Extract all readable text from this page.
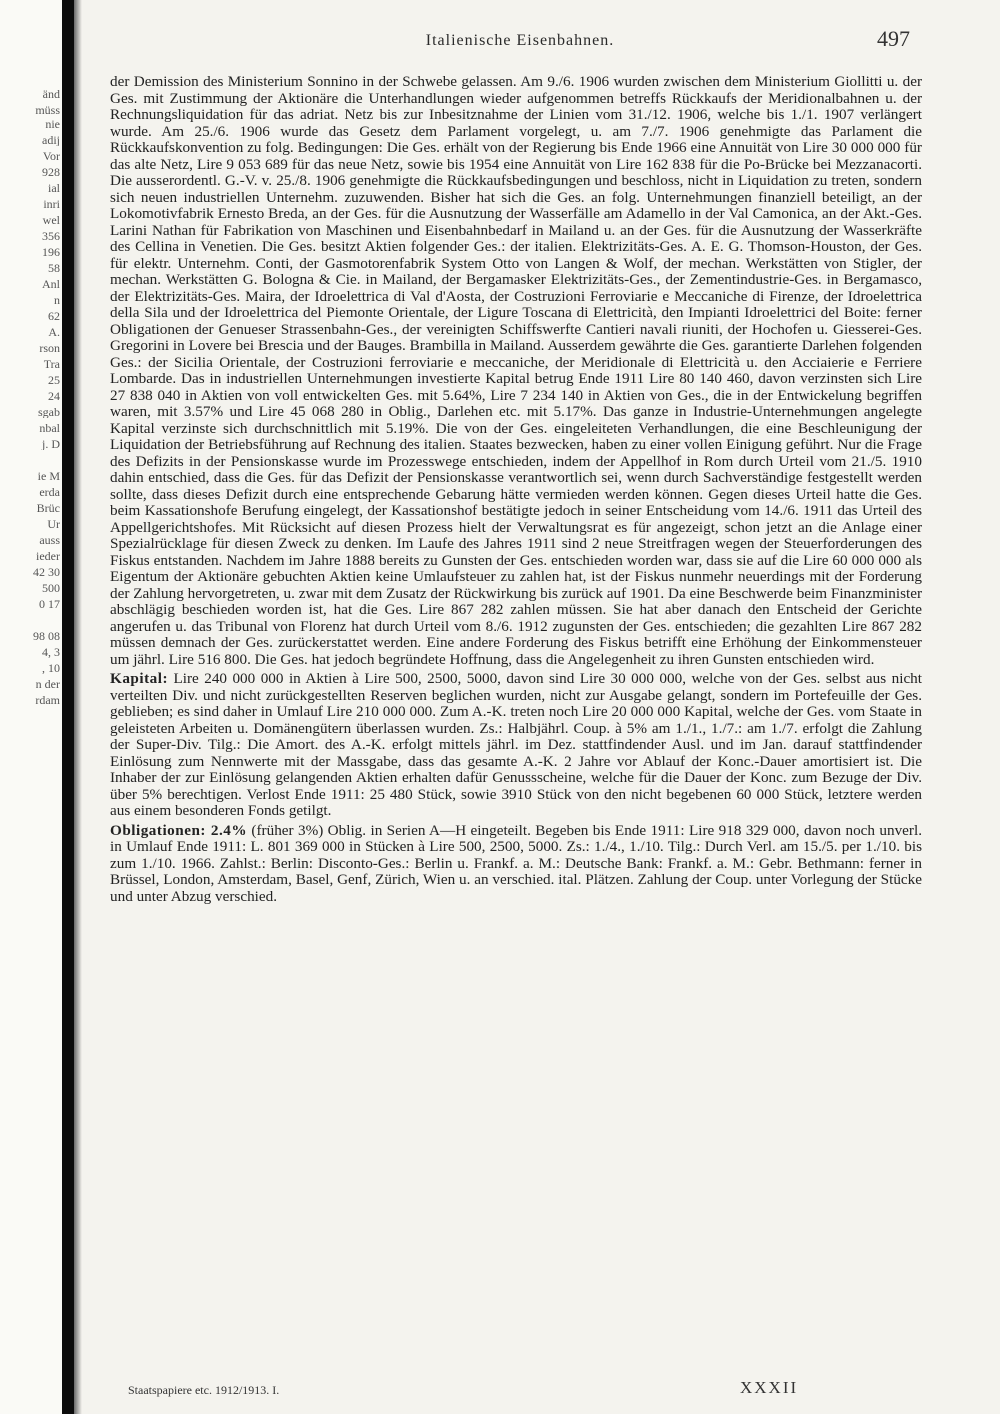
änd
müss
nie
adij
Vor
928
ial
inri
wel
356
196
58
Anl
n
62
A.
rson
Tra
25
24
sgab
nbal
j. D
ie M
erda
Brüc
Ur
auss
ieder
42 30
500
0 17
98 08
4, 3
, 10
n der
rdam
Italienische Eisenbahnen.	497

der Demission des Ministerium Sonnino in der Schwebe gelassen. Am 9./6. 1906 wurden zwischen dem Ministerium Giollitti u. der Ges. mit Zustimmung der Aktionäre die Unterhandlungen wieder aufgenommen betreffs Rückkaufs der Meridionalbahnen u. der Rechnungsliquidation für das adriat. Netz bis zur Inbesitznahme der Linien vom 31./12. 1906, welche bis 1./1. 1907 verlängert wurde. Am 25./6. 1906 wurde das Gesetz dem Parlament vorgelegt, u. am 7./7. 1906 genehmigte das Parlament die Rückkaufskonvention zu folg. Bedingungen: Die Ges. erhält von der Regierung bis Ende 1966 eine Annuität von Lire 30 000 000 für das alte Netz, Lire 9 053 689 für das neue Netz, sowie bis 1954 eine Annuität von Lire 162 838 für die Po-Brücke bei Mezzanacorti. Die ausserordentl. G.-V. v. 25./8. 1906 genehmigte die Rückkaufsbedingungen und beschloss, nicht in Liquidation zu treten, sondern sich neuen industriellen Unternehm. zuzuwenden. Bisher hat sich die Ges. an folg. Unternehmungen finanziell beteiligt, an der Lokomotivfabrik Ernesto Breda, an der Ges. für die Ausnutzung der Wasserfälle am Adamello in der Val Camonica, an der Akt.-Ges. Larini Nathan für Fabrikation von Maschinen und Eisenbahnbedarf in Mailand u. an der Ges. für die Ausnutzung der Wasserkräfte des Cellina in Venetien. Die Ges. besitzt Aktien folgender Ges.: der italien. Elektrizitäts-Ges. A. E. G. Thomson-Houston, der Ges. für elektr. Unternehm. Conti, der Gasmotorenfabrik System Otto von Langen & Wolf, der mechan. Werkstätten von Stigler, der mechan. Werkstätten G. Bologna & Cie. in Mailand, der Bergamasker Elektrizitäts-Ges., der Zementindustrie-Ges. in Bergamasco, der Elektrizitäts-Ges. Maira, der Idroelettrica di Val d'Aosta, der Costruzioni Ferroviarie e Meccaniche di Firenze, der Idroelettrica della Sila und der Idroelettrica del Piemonte Orientale, der Ligure Toscana di Elettricità, den Impianti Idroelettrici del Boite: ferner Obligationen der Genueser Strassenbahn-Ges., der vereinigten Schiffswerfte Cantieri navali riuniti, der Hochofen u. Giesserei-Ges. Gregorini in Lovere bei Brescia und der Bauges. Brambilla in Mailand. Ausserdem gewährte die Ges. garantierte Darlehen folgenden Ges.: der Sicilia Orientale, der Costruzioni ferroviarie e meccaniche, der Meridionale di Elettricità u. den Acciaierie e Ferriere Lombarde. Das in industriellen Unternehmungen investierte Kapital betrug Ende 1911 Lire 80 140 460, davon verzinsten sich Lire 27 838 040 in Aktien von voll entwickelten Ges. mit 5.64%, Lire 7 234 140 in Aktien von Ges., die in der Entwickelung begriffen waren, mit 3.57% und Lire 45 068 280 in Oblig., Darlehen etc. mit 5.17%. Das ganze in Industrie-Unternehmungen angelegte Kapital verzinste sich durchschnittlich mit 5.19%. Die von der Ges. eingeleiteten Verhandlungen, die eine Beschleunigung der Liquidation der Betriebsführung auf Rechnung des italien. Staates bezwecken, haben zu einer vollen Einigung geführt. Nur die Frage des Defizits in der Pensionskasse wurde im Prozesswege entschieden, indem der Appellhof in Rom durch Urteil vom 21./5. 1910 dahin entschied, dass die Ges. für das Defizit der Pensionskasse verantwortlich sei, wenn durch Sachverständige festgestellt werden sollte, dass dieses Defizit durch eine entsprechende Gebarung hätte vermieden werden können. Gegen dieses Urteil hatte die Ges. beim Kassationshofe Berufung eingelegt, der Kassationshof bestätigte jedoch in seiner Entscheidung vom 14./6. 1911 das Urteil des Appellgerichtshofes. Mit Rücksicht auf diesen Prozess hielt der Verwaltungsrat es für angezeigt, schon jetzt an die Anlage einer Spezialrücklage für diesen Zweck zu denken. Im Laufe des Jahres 1911 sind 2 neue Streitfragen wegen der Steuerforderungen des Fiskus entstanden. Nachdem im Jahre 1888 bereits zu Gunsten der Ges. entschieden worden war, dass sie auf die Lire 60 000 000 als Eigentum der Aktionäre gebuchten Aktien keine Umlaufsteuer zu zahlen hat, ist der Fiskus nunmehr neuerdings mit der Forderung der Zahlung hervorgetreten, u. zwar mit dem Zusatz der Rückwirkung bis zurück auf 1901. Da eine Beschwerde beim Finanzminister abschlägig beschieden worden ist, hat die Ges. Lire 867 282 zahlen müssen. Sie hat aber danach den Entscheid der Gerichte angerufen u. das Tribunal von Florenz hat durch Urteil vom 8./6. 1912 zugunsten der Ges. entschieden; die gezahlten Lire 867 282 müssen demnach der Ges. zurückerstattet werden. Eine andere Forderung des Fiskus betrifft eine Erhöhung der Einkommensteuer um jährl. Lire 516 800. Die Ges. hat jedoch begründete Hoffnung, dass die Angelegenheit zu ihren Gunsten entschieden wird.

Kapital: Lire 240 000 000 in Aktien à Lire 500, 2500, 5000, davon sind Lire 30 000 000, welche von der Ges. selbst aus nicht verteilten Div. und nicht zurückgestellten Reserven beglichen wurden, nicht zur Ausgabe gelangt, sondern im Portefeuille der Ges. geblieben; es sind daher in Umlauf Lire 210 000 000. Zum A.-K. treten noch Lire 20 000 000 Kapital, welche der Ges. vom Staate in geleisteten Arbeiten u. Domänengütern überlassen wurden. Zs.: Halbjährl. Coup. à 5% am 1./1., 1./7.: am 1./7. erfolgt die Zahlung der Super-Div. Tilg.: Die Amort. des A.-K. erfolgt mittels jährl. im Dez. stattfindender Ausl. und im Jan. darauf stattfindender Einlösung zum Nennwerte mit der Massgabe, dass das gesamte A.-K. 2 Jahre vor Ablauf der Konc.-Dauer amortisiert ist. Die Inhaber der zur Einlösung gelangenden Aktien erhalten dafür Genussscheine, welche für die Dauer der Konc. zum Bezuge der Div. über 5% berechtigen. Verlost Ende 1911: 25 480 Stück, sowie 3910 Stück von den nicht begebenen 60 000 Stück, letztere werden aus einem besonderen Fonds getilgt.

Obligationen: 2.4% (früher 3%) Oblig. in Serien A—H eingeteilt. Begeben bis Ende 1911: Lire 918 329 000, davon noch unverl. in Umlauf Ende 1911: L. 801 369 000 in Stücken à Lire 500, 2500, 5000. Zs.: 1./4., 1./10. Tilg.: Durch Verl. am 15./5. per 1./10. bis zum 1./10. 1966. Zahlst.: Berlin: Disconto-Ges.: Berlin u. Frankf. a. M.: Deutsche Bank: Frankf. a. M.: Gebr. Bethmann: ferner in Brüssel, London, Amsterdam, Basel, Genf, Zürich, Wien u. an verschied. ital. Plätzen. Zahlung der Coup. unter Vorlegung der Stücke und unter Abzug verschied.

Staatspapiere etc. 1912/1913. I.	XXXII
